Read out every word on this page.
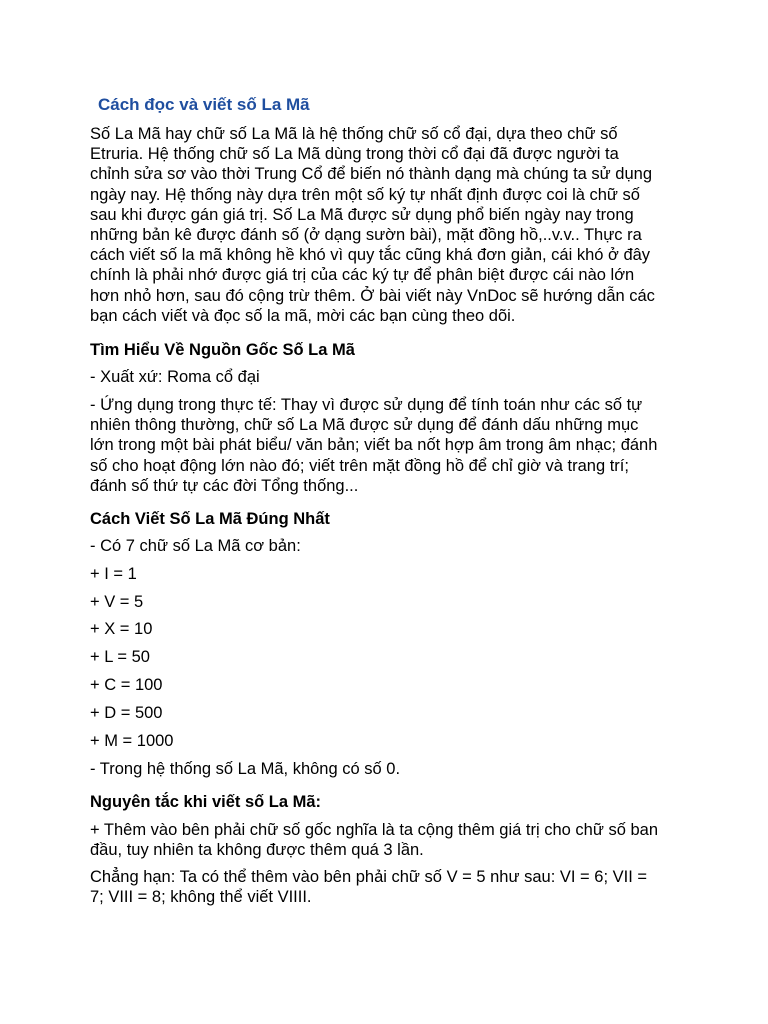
Cách đọc và viết số La Mã
Số La Mã hay chữ số La Mã là hệ thống chữ số cổ đại, dựa theo chữ số
Etruria. Hệ thống chữ số La Mã dùng trong thời cổ đại đã được người ta
chỉnh sửa sơ vào thời Trung Cổ để biến nó thành dạng mà chúng ta sử dụng
ngày nay. Hệ thống này dựa trên một số ký tự nhất định được coi là chữ số
sau khi được gán giá trị. Số La Mã được sử dụng phổ biến ngày nay trong
những bản kê được đánh số (ở dạng sườn bài), mặt đồng hồ,..v.v.. Thực ra
cách viết số la mã không hề khó vì quy tắc cũng khá đơn giản, cái khó ở đây
chính là phải nhớ được giá trị của các ký tự để phân biệt được cái nào lớn
hơn nhỏ hơn, sau đó cộng trừ thêm. Ở bài viết này VnDoc sẽ hướng dẫn các
bạn cách viết và đọc số la mã, mời các bạn cùng theo dõi.
Tìm Hiểu Về Nguồn Gốc Số La Mã
- Xuất xứ: Roma cổ đại
- Ứng dụng trong thực tế: Thay vì được sử dụng để tính toán như các số tự
nhiên thông thường, chữ số La Mã được sử dụng để đánh dấu những mục
lớn trong một bài phát biểu/ văn bản; viết ba nốt hợp âm trong âm nhạc; đánh
số cho hoạt động lớn nào đó; viết trên mặt đồng hồ để chỉ giờ và trang trí;
đánh số thứ tự các đời Tổng thống...
Cách Viết Số La Mã Đúng Nhất
- Có 7 chữ số La Mã cơ bản:
+ I = 1
+ V = 5
+ X = 10
+ L = 50
+ C = 100
+ D = 500
+ M = 1000
- Trong hệ thống số La Mã, không có số 0.
Nguyên tắc khi viết số La Mã:
+ Thêm vào bên phải chữ số gốc nghĩa là ta cộng thêm giá trị cho chữ số ban
đầu, tuy nhiên ta không được thêm quá 3 lần.
Chẳng hạn: Ta có thể thêm vào bên phải chữ số V = 5 như sau: VI = 6; VII =
7; VIII = 8; không thể viết VIIII.
